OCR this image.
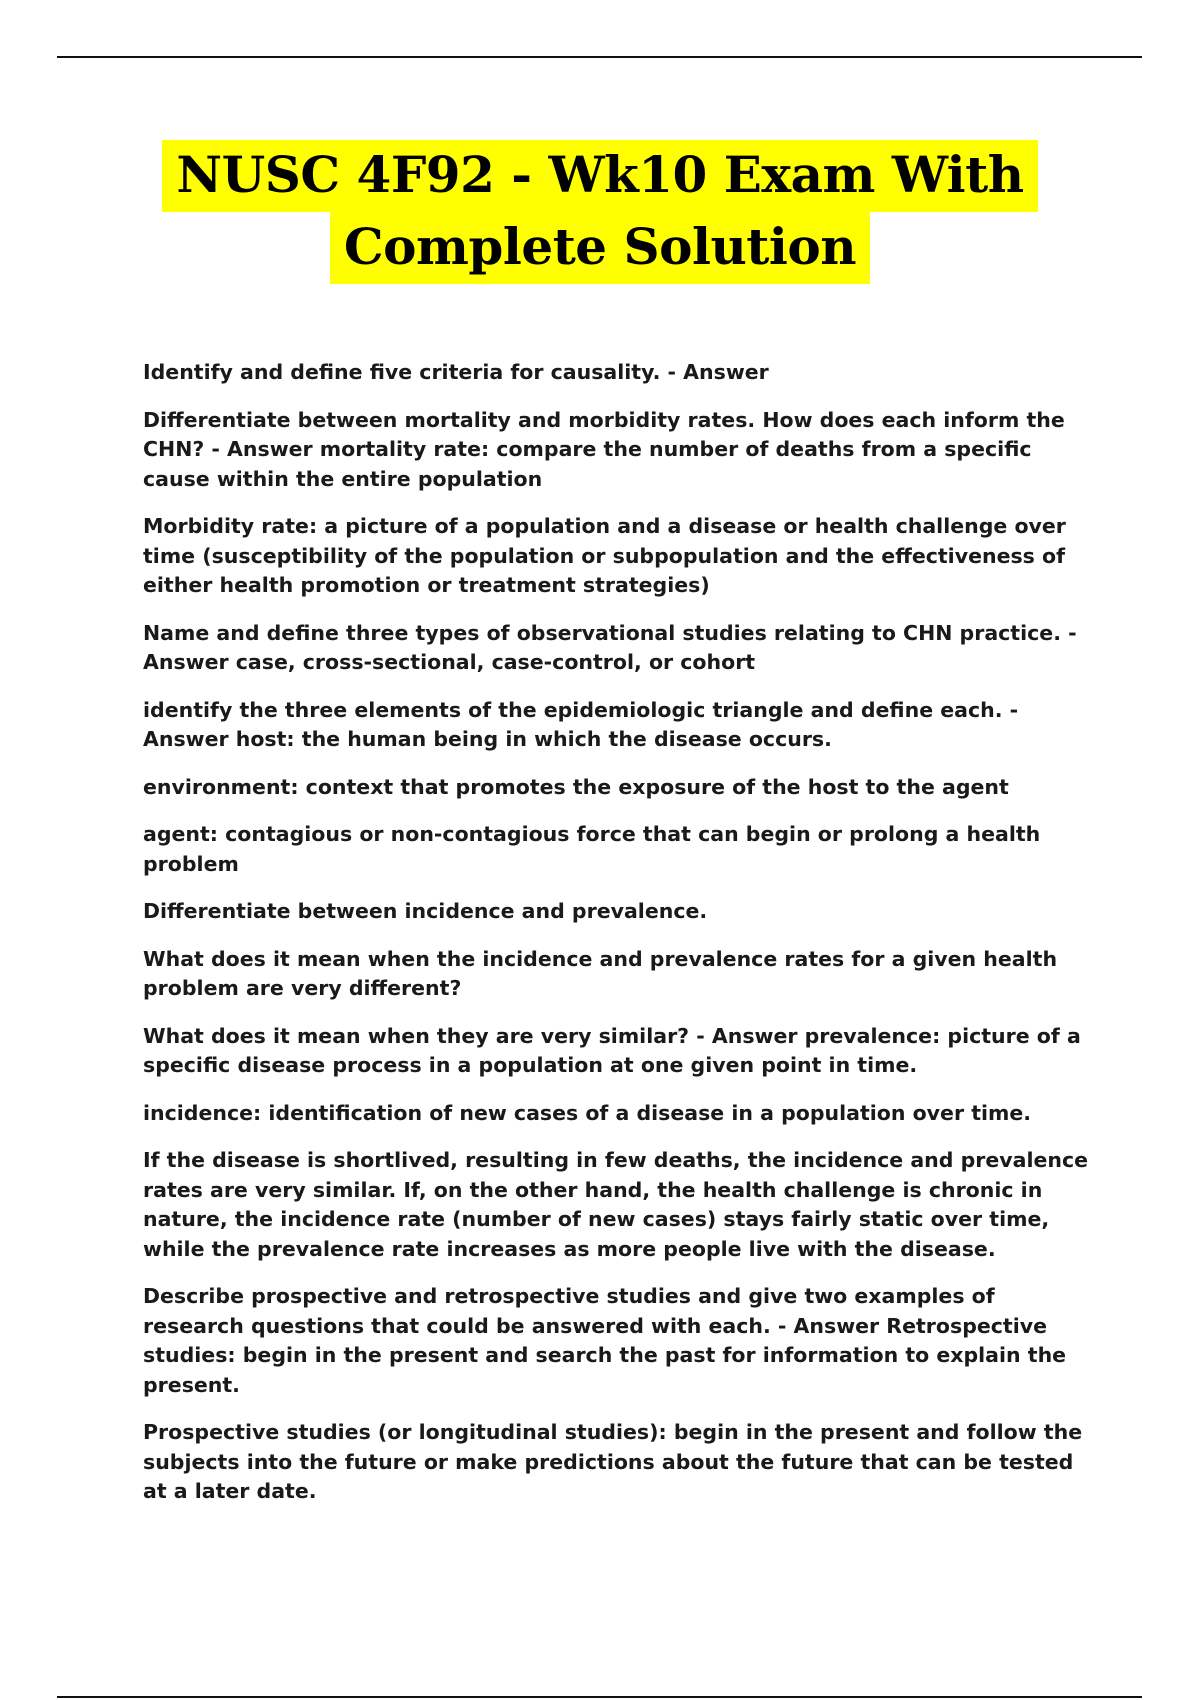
NUSC 4F92 - Wk10 Exam With
Complete Solution

Identify and define five criteria for causality. - Answer

Differentiate between mortality and morbidity rates. How does each inform the CHN? - Answer mortality rate: compare the number of deaths from a specific cause within the entire population

Morbidity rate: a picture of a population and a disease or health challenge over time (susceptibility of the population or subpopulation and the effectiveness of either health promotion or treatment strategies)

Name and define three types of observational studies relating to CHN practice. - Answer case, cross-sectional, case-control, or cohort

identify the three elements of the epidemiologic triangle and define each. - Answer host: the human being in which the disease occurs.

environment: context that promotes the exposure of the host to the agent

agent: contagious or non-contagious force that can begin or prolong a health problem

Differentiate between incidence and prevalence.

What does it mean when the incidence and prevalence rates for a given health problem are very different?

What does it mean when they are very similar? - Answer prevalence: picture of a specific disease process in a population at one given point in time.

incidence: identification of new cases of a disease in a population over time.

If the disease is shortlived, resulting in few deaths, the incidence and prevalence rates are very similar. If, on the other hand, the health challenge is chronic in nature, the incidence rate (number of new cases) stays fairly static over time, while the prevalence rate increases as more people live with the disease.

Describe prospective and retrospective studies and give two examples of research questions that could be answered with each. - Answer Retrospective studies: begin in the present and search the past for information to explain the present.

Prospective studies (or longitudinal studies): begin in the present and follow the subjects into the future or make predictions about the future that can be tested at a later date.
